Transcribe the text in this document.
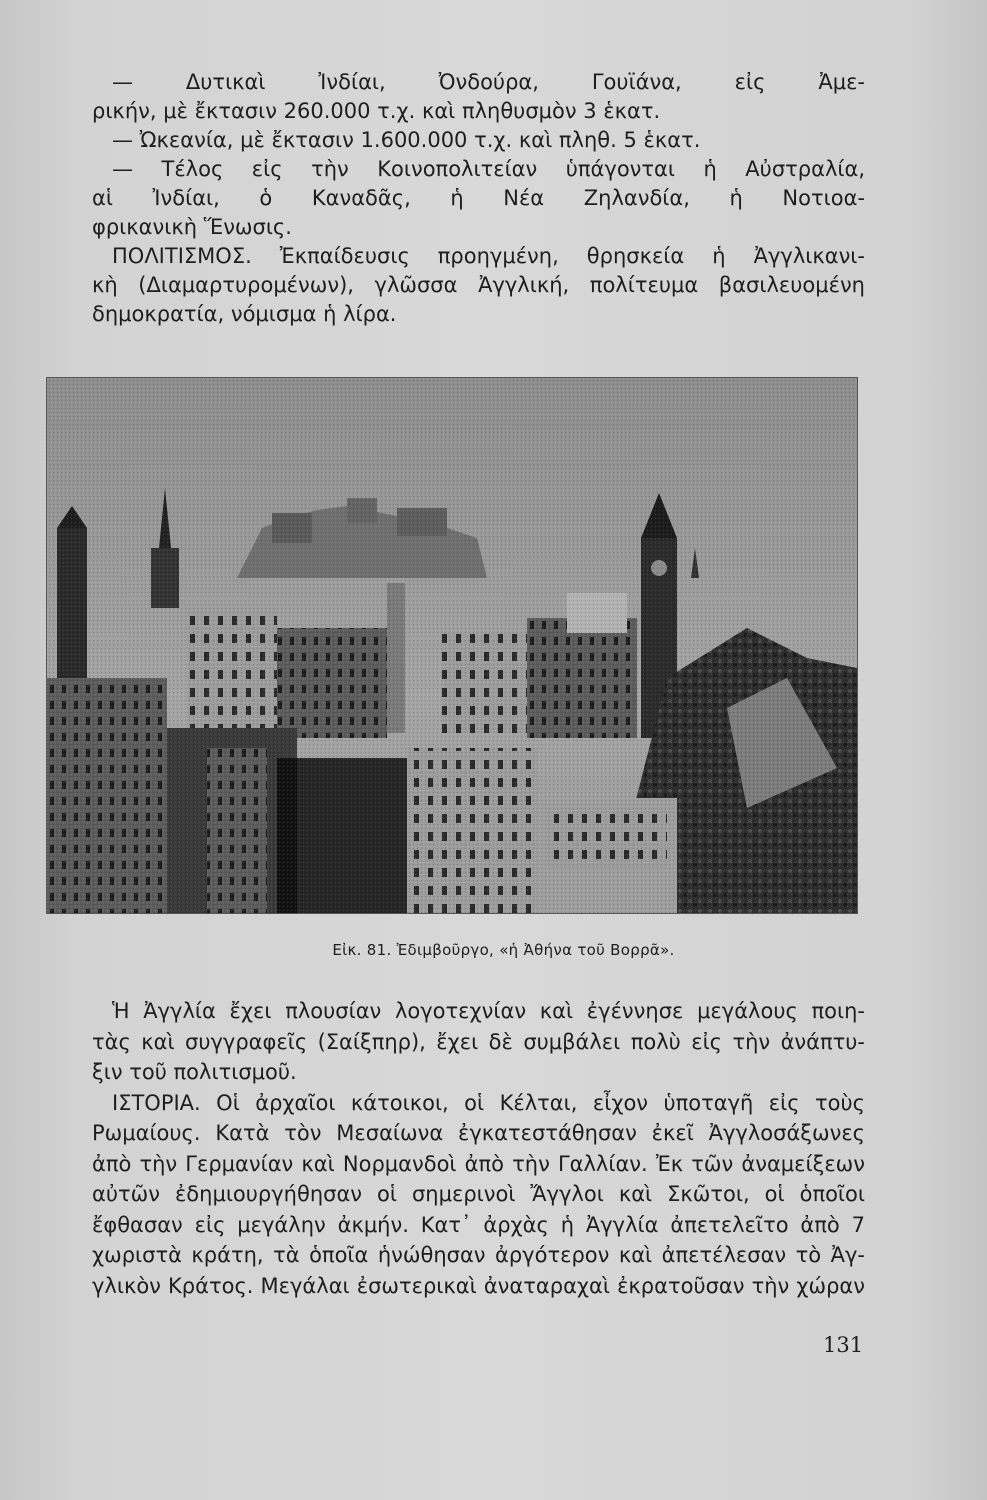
— Δυτικαὶ Ἰνδίαι, Ὀνδούρα, Γουϊάνα, εἰς Ἀμε-
ρικήν, μὲ ἔκτασιν 260.000 τ.χ. καὶ πληθυσμὸν 3 ἑκατ.
— Ὠκεανία, μὲ ἔκτασιν 1.600.000 τ.χ. καὶ πληθ. 5 ἑκατ.
— Τέλος εἰς τὴν Κοινοπολιτείαν ὑπάγονται ἡ Αὐστραλία,
αἱ Ἰνδίαι, ὁ Καναδᾶς, ἡ Νέα Ζηλανδία, ἡ Νοτιοα-
φρικανικὴ Ἕνωσις.
ΠΟΛΙΤΙΣΜΟΣ. Ἐκπαίδευσις προηγμένη, θρησκεία ἡ Ἀγγλικανι-
κὴ (Διαμαρτυρομένων), γλῶσσα Ἀγγλική, πολίτευμα βασιλευομένη
δημοκρατία, νόμισμα ἡ λίρα.
Εἰκ. 81. Ἐδιμβοῦργο, «ἡ Ἀθήνα τοῦ Βορρᾶ».
Ἡ Ἀγγλία ἔχει πλουσίαν λογοτεχνίαν καὶ ἐγέννησε μεγάλους ποιη-
τὰς καὶ συγγραφεῖς (Σαίξπηρ), ἔχει δὲ συμβάλει πολὺ εἰς τὴν ἀνάπτυ-
ξιν τοῦ πολιτισμοῦ.
ΙΣΤΟΡΙΑ. Οἱ ἀρχαῖοι κάτοικοι, οἱ Κέλται, εἶχον ὑποταγῆ εἰς τοὺς
Ρωμαίους. Κατὰ τὸν Μεσαίωνα ἐγκατεστάθησαν ἐκεῖ Ἀγγλοσάξωνες
ἀπὸ τὴν Γερμανίαν καὶ Νορμανδοὶ ἀπὸ τὴν Γαλλίαν. Ἐκ τῶν ἀναμείξεων
αὐτῶν ἐδημιουργήθησαν οἱ σημερινοὶ Ἄγγλοι καὶ Σκῶτοι, οἱ ὁποῖοι
ἔφθασαν εἰς μεγάλην ἀκμήν. Κατ᾽ ἀρχὰς ἡ Ἀγγλία ἀπετελεῖτο ἀπὸ 7
χωριστὰ κράτη, τὰ ὁποῖα ἡνώθησαν ἀργότερον καὶ ἀπετέλεσαν τὸ Ἀγ-
γλικὸν Κράτος. Μεγάλαι ἐσωτερικαὶ ἀναταραχαὶ ἐκρατοῦσαν τὴν χώραν
131
